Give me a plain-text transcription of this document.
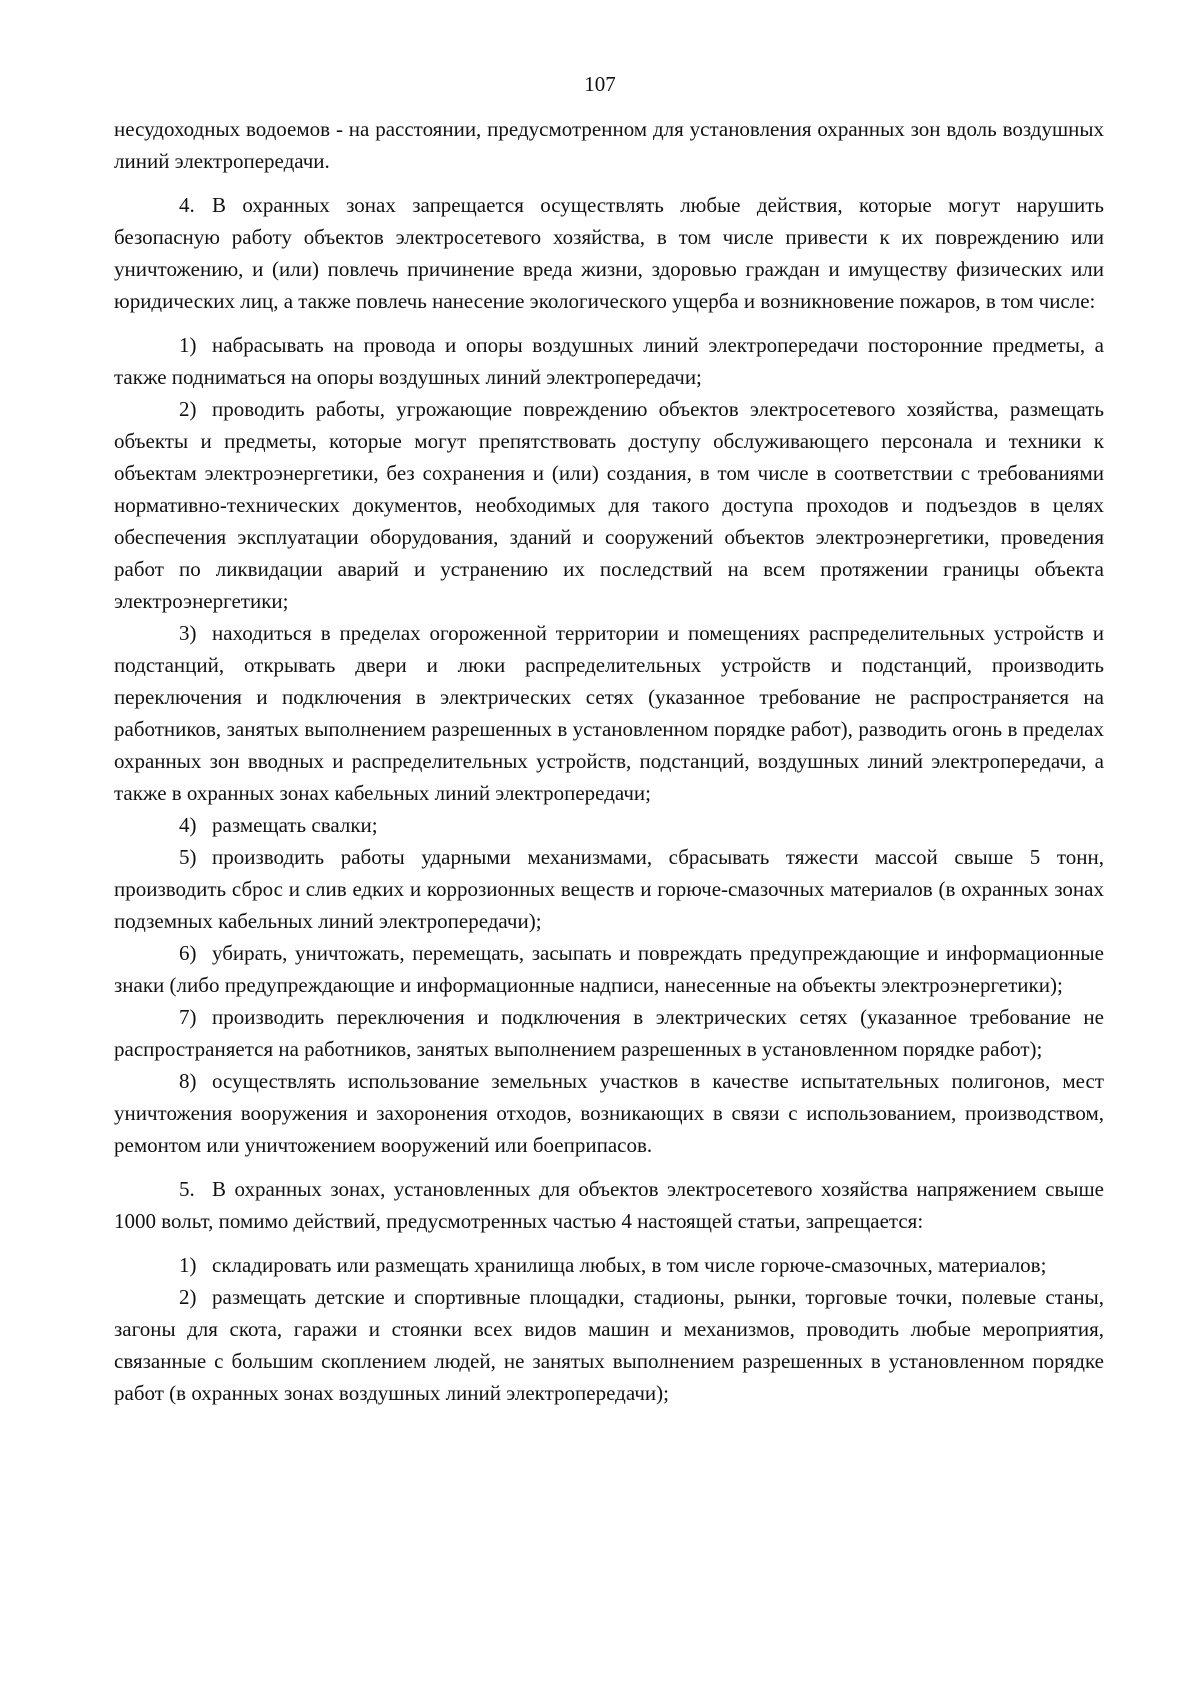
107

несудоходных водоемов - на расстоянии, предусмотренном для установления охранных зон вдоль воздушных линий электропередачи.

4. В охранных зонах запрещается осуществлять любые действия, которые могут нарушить безопасную работу объектов электросетевого хозяйства, в том числе привести к их повреждению или уничтожению, и (или) повлечь причинение вреда жизни, здоровью граждан и имуществу физических или юридических лиц, а также повлечь нанесение экологического ущерба и возникновение пожаров, в том числе:

1) набрасывать на провода и опоры воздушных линий электропередачи посторонние предметы, а также подниматься на опоры воздушных линий электропередачи;

2) проводить работы, угрожающие повреждению объектов электросетевого хозяйства, размещать объекты и предметы, которые могут препятствовать доступу обслуживающего персонала и техники к объектам электроэнергетики, без сохранения и (или) создания, в том числе в соответствии с требованиями нормативно-технических документов, необходимых для такого доступа проходов и подъездов в целях обеспечения эксплуатации оборудования, зданий и сооружений объектов электроэнергетики, проведения работ по ликвидации аварий и устранению их последствий на всем протяжении границы объекта электроэнергетики;

3) находиться в пределах огороженной территории и помещениях распределительных устройств и подстанций, открывать двери и люки распределительных устройств и подстанций, производить переключения и подключения в электрических сетях (указанное требование не распространяется на работников, занятых выполнением разрешенных в установленном порядке работ), разводить огонь в пределах охранных зон вводных и распределительных устройств, подстанций, воздушных линий электропередачи, а также в охранных зонах кабельных линий электропередачи;

4) размещать свалки;

5) производить работы ударными механизмами, сбрасывать тяжести массой свыше 5 тонн, производить сброс и слив едких и коррозионных веществ и горюче-смазочных материалов (в охранных зонах подземных кабельных линий электропередачи);

6) убирать, уничтожать, перемещать, засыпать и повреждать предупреждающие и информационные знаки (либо предупреждающие и информационные надписи, нанесенные на объекты электроэнергетики);

7) производить переключения и подключения в электрических сетях (указанное требование не распространяется на работников, занятых выполнением разрешенных в установленном порядке работ);

8) осуществлять использование земельных участков в качестве испытательных полигонов, мест уничтожения вооружения и захоронения отходов, возникающих в связи с использованием, производством, ремонтом или уничтожением вооружений или боеприпасов.

5. В охранных зонах, установленных для объектов электросетевого хозяйства напряжением свыше 1000 вольт, помимо действий, предусмотренных частью 4 настоящей статьи, запрещается:

1) складировать или размещать хранилища любых, в том числе горюче-смазочных, материалов;

2) размещать детские и спортивные площадки, стадионы, рынки, торговые точки, полевые станы, загоны для скота, гаражи и стоянки всех видов машин и механизмов, проводить любые мероприятия, связанные с большим скоплением людей, не занятых выполнением разрешенных в установленном порядке работ (в охранных зонах воздушных линий электропередачи);
